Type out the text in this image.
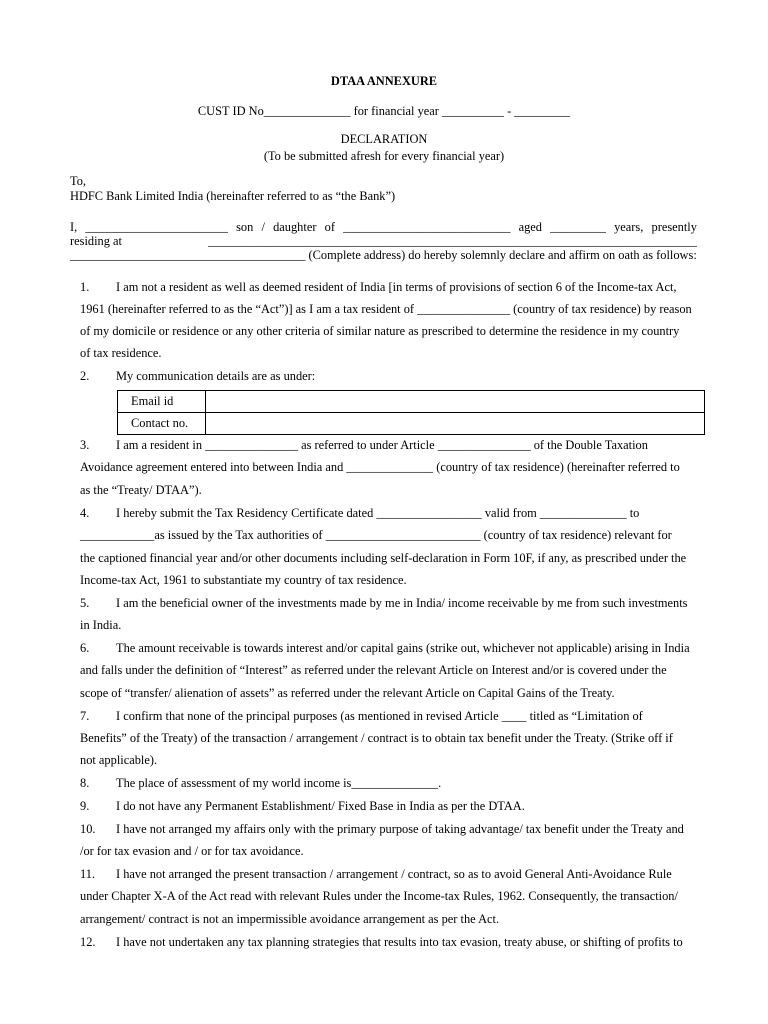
DTAA ANNEXURE
CUST ID No______________ for financial year __________ - _________
DECLARATION
(To be submitted afresh for every financial year)
To,
HDFC Bank Limited India (hereinafter referred to as “the Bank”)
I, _______________________ son / daughter of ___________________________ aged _________ years, presently
residing at	_______________________________________________________________________________
______________________________________ (Complete address) do hereby solemnly declare and affirm on oath as follows:
1. I am not a resident as well as deemed resident of India [in terms of provisions of section 6 of the Income-tax Act,
1961 (hereinafter referred to as the “Act”)] as I am a tax resident of _______________ (country of tax residence) by reason
of my domicile or residence or any other criteria of similar nature as prescribed to determine the residence in my country
of tax residence.
2. My communication details are as under:
Email id	
Contact no.	
3. I am a resident in _______________ as referred to under Article _______________ of the Double Taxation
Avoidance agreement entered into between India and ______________ (country of tax residence) (hereinafter referred to
as the “Treaty/ DTAA”).
4. I hereby submit the Tax Residency Certificate dated _________________ valid from ______________ to
____________as issued by the Tax authorities of _________________________ (country of tax residence) relevant for
the captioned financial year and/or other documents including self-declaration in Form 10F, if any, as prescribed under the
Income-tax Act, 1961 to substantiate my country of tax residence.
5. I am the beneficial owner of the investments made by me in India/ income receivable by me from such investments
in India.
6. The amount receivable is towards interest and/or capital gains (strike out, whichever not applicable) arising in India
and falls under the definition of “Interest” as referred under the relevant Article on Interest and/or is covered under the
scope of “transfer/ alienation of assets” as referred under the relevant Article on Capital Gains of the Treaty.
7. I confirm that none of the principal purposes (as mentioned in revised Article ____ titled as “Limitation of
Benefits” of the Treaty) of the transaction / arrangement / contract is to obtain tax benefit under the Treaty. (Strike off if
not applicable).
8. The place of assessment of my world income is______________.
9. I do not have any Permanent Establishment/ Fixed Base in India as per the DTAA.
10. I have not arranged my affairs only with the primary purpose of taking advantage/ tax benefit under the Treaty and
/or for tax evasion and / or for tax avoidance.
11. I have not arranged the present transaction / arrangement / contract, so as to avoid General Anti-Avoidance Rule
under Chapter X-A of the Act read with relevant Rules under the Income-tax Rules, 1962. Consequently, the transaction/
arrangement/ contract is not an impermissible avoidance arrangement as per the Act.
12. I have not undertaken any tax planning strategies that results into tax evasion, treaty abuse, or shifting of profits to
